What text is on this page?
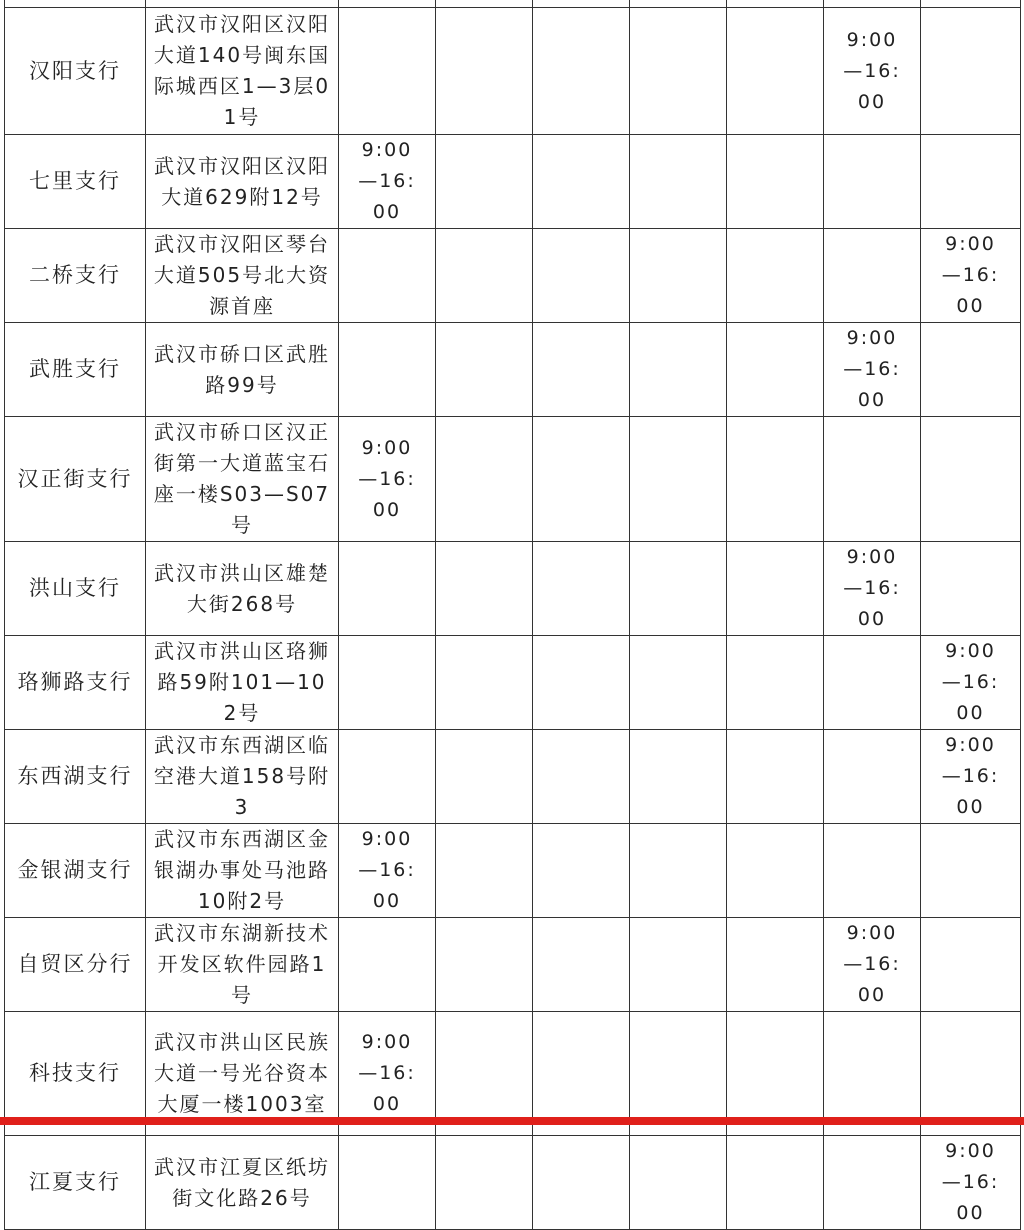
汉阳支行	武汉市汉阳区汉阳大道140号闽东国际城西区1—3层01号						9:00—16:00	
七里支行	武汉市汉阳区汉阳大道629附12号	9:00—16:00						
二桥支行	武汉市汉阳区琴台大道505号北大资源首座							9:00—16:00
武胜支行	武汉市硚口区武胜路99号						9:00—16:00	
汉正街支行	武汉市硚口区汉正街第一大道蓝宝石座一楼S03—S07号	9:00—16:00						
洪山支行	武汉市洪山区雄楚大街268号						9:00—16:00	
珞狮路支行	武汉市洪山区珞狮路59附101—102号							9:00—16:00
东西湖支行	武汉市东西湖区临空港大道158号附3							9:00—16:00
金银湖支行	武汉市东西湖区金银湖办事处马池路10附2号	9:00—16:00						
自贸区分行	武汉市东湖新技术开发区软件园路1号						9:00—16:00	
科技支行	武汉市洪山区民族大道一号光谷资本大厦一楼1003室	9:00—16:00						
江夏支行	武汉市江夏区纸坊街文化路26号							9:00—16:00
